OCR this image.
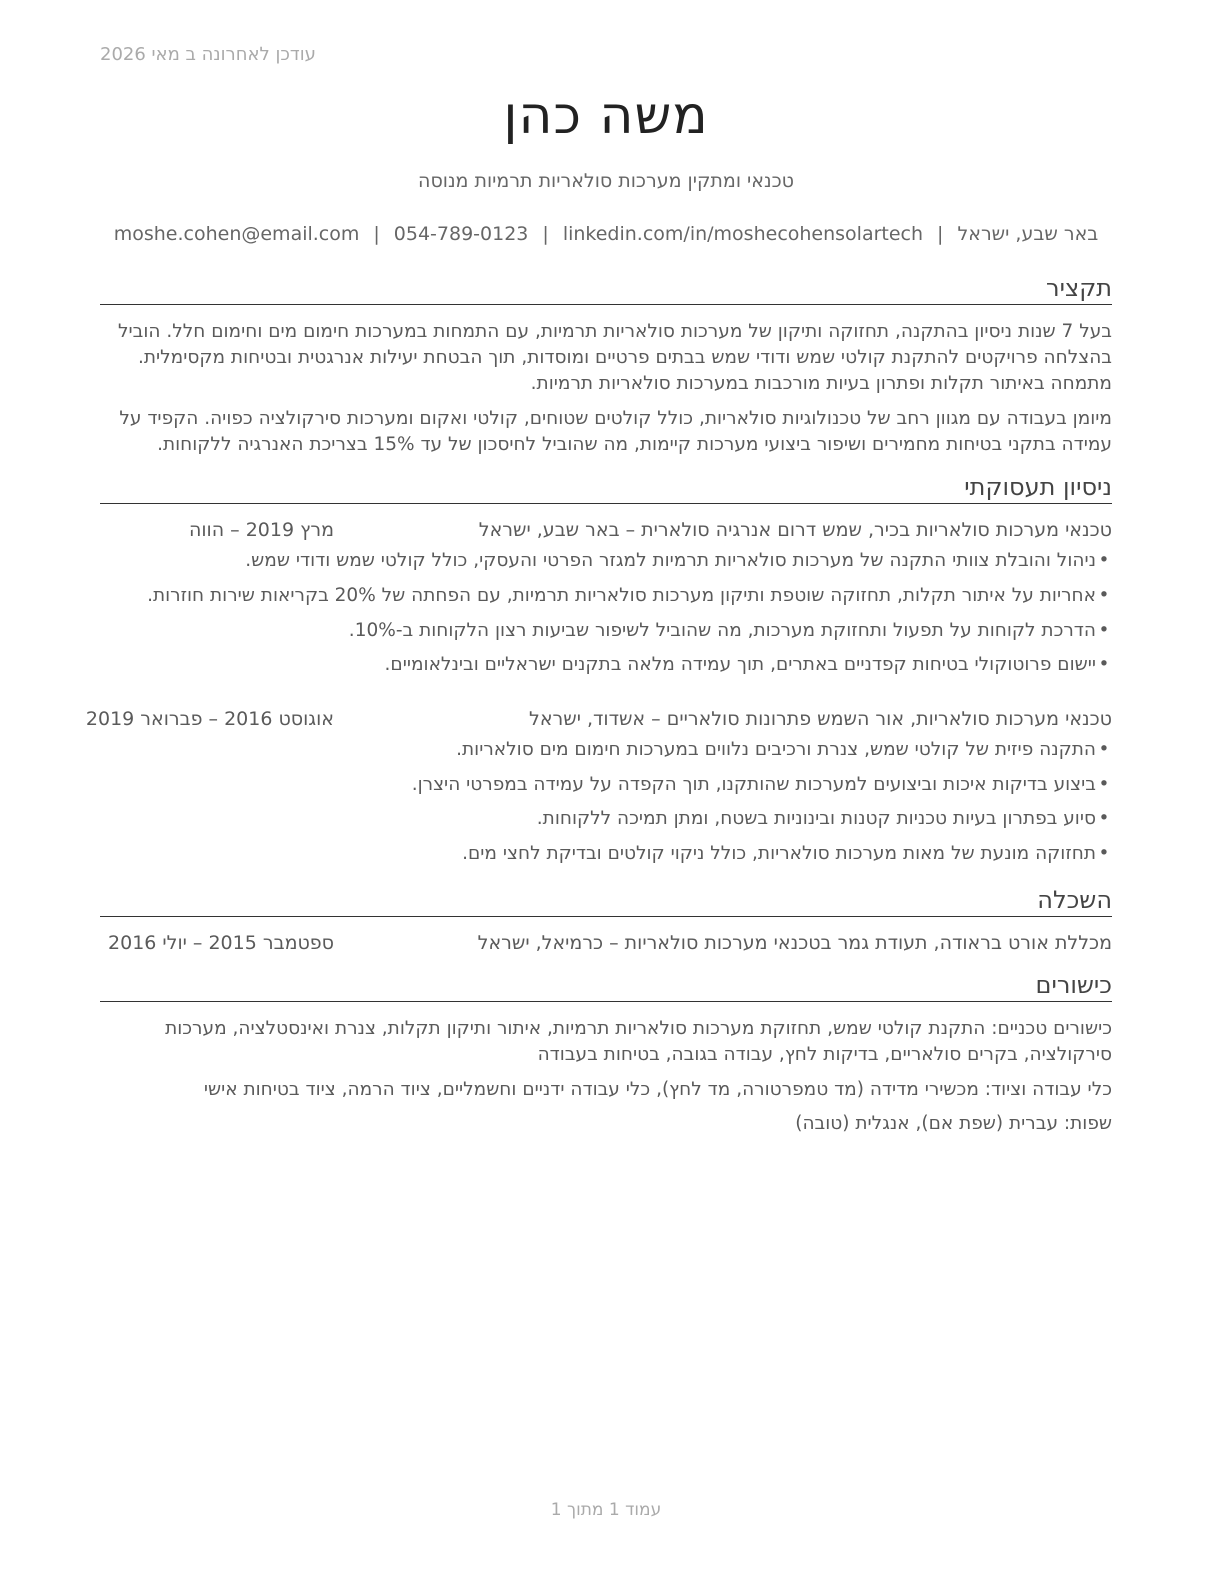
עודכן לאחרונה ב מאי 2026
משה כהן
טכנאי ומתקין מערכות סולאריות תרמיות מנוסה
באר שבע, ישראל|moshe.cohen@email.com | 054-789-0123 | linkedin.com/in/moshecohensolartech
תקציר
בעל 7 שנות ניסיון בהתקנה, תחזוקה ותיקון של מערכות סולאריות תרמיות, עם התמחות במערכות חימום מים וחימום חלל. הוביל בהצלחה פרויקטים להתקנת קולטי שמש ודודי שמש בבתים פרטיים ומוסדות, תוך הבטחת יעילות אנרגטית ובטיחות מקסימלית. מתמחה באיתור תקלות ופתרון בעיות מורכבות במערכות סולאריות תרמיות.
מיומן בעבודה עם מגוון רחב של טכנולוגיות סולאריות, כולל קולטים שטוחים, קולטי ואקום ומערכות סירקולציה כפויה. הקפיד על עמידה בתקני בטיחות מחמירים ושיפור ביצועי מערכות קיימות, מה שהוביל לחיסכון של עד 15% בצריכת האנרגיה ללקוחות.
ניסיון תעסוקתי
טכנאי מערכות סולאריות בכיר, שמש דרום אנרגיה סולארית – באר שבע, ישראל
מרץ 2019 – הווה
•ניהול והובלת צוותי התקנה של מערכות סולאריות תרמיות למגזר הפרטי והעסקי, כולל קולטי שמש ודודי שמש.
•אחריות על איתור תקלות, תחזוקה שוטפת ותיקון מערכות סולאריות תרמיות, עם הפחתה של 20% בקריאות שירות חוזרות.
•הדרכת לקוחות על תפעול ותחזוקת מערכות, מה שהוביל לשיפור שביעות רצון הלקוחות ב-10%.
•יישום פרוטוקולי בטיחות קפדניים באתרים, תוך עמידה מלאה בתקנים ישראליים ובינלאומיים.
טכנאי מערכות סולאריות, אור השמש פתרונות סולאריים – אשדוד, ישראל
אוגוסט 2016 – פברואר 2019
•התקנה פיזית של קולטי שמש, צנרת ורכיבים נלווים במערכות חימום מים סולאריות.
•ביצוע בדיקות איכות וביצועים למערכות שהותקנו, תוך הקפדה על עמידה במפרטי היצרן.
•סיוע בפתרון בעיות טכניות קטנות ובינוניות בשטח, ומתן תמיכה ללקוחות.
•תחזוקה מונעת של מאות מערכות סולאריות, כולל ניקוי קולטים ובדיקת לחצי מים.
השכלה
מכללת אורט בראודה, תעודת גמר בטכנאי מערכות סולאריות – כרמיאל, ישראל
ספטמבר 2015 – יולי 2016
כישורים
כישורים טכניים: התקנת קולטי שמש, תחזוקת מערכות סולאריות תרמיות, איתור ותיקון תקלות, צנרת ואינסטלציה, מערכות סירקולציה, בקרים סולאריים, בדיקות לחץ, עבודה בגובה, בטיחות בעבודה
כלי עבודה וציוד: מכשירי מדידה (מד טמפרטורה, מד לחץ), כלי עבודה ידניים וחשמליים, ציוד הרמה, ציוד בטיחות אישי
שפות: עברית (שפת אם), אנגלית (טובה)
עמוד 1 מתוך 1
